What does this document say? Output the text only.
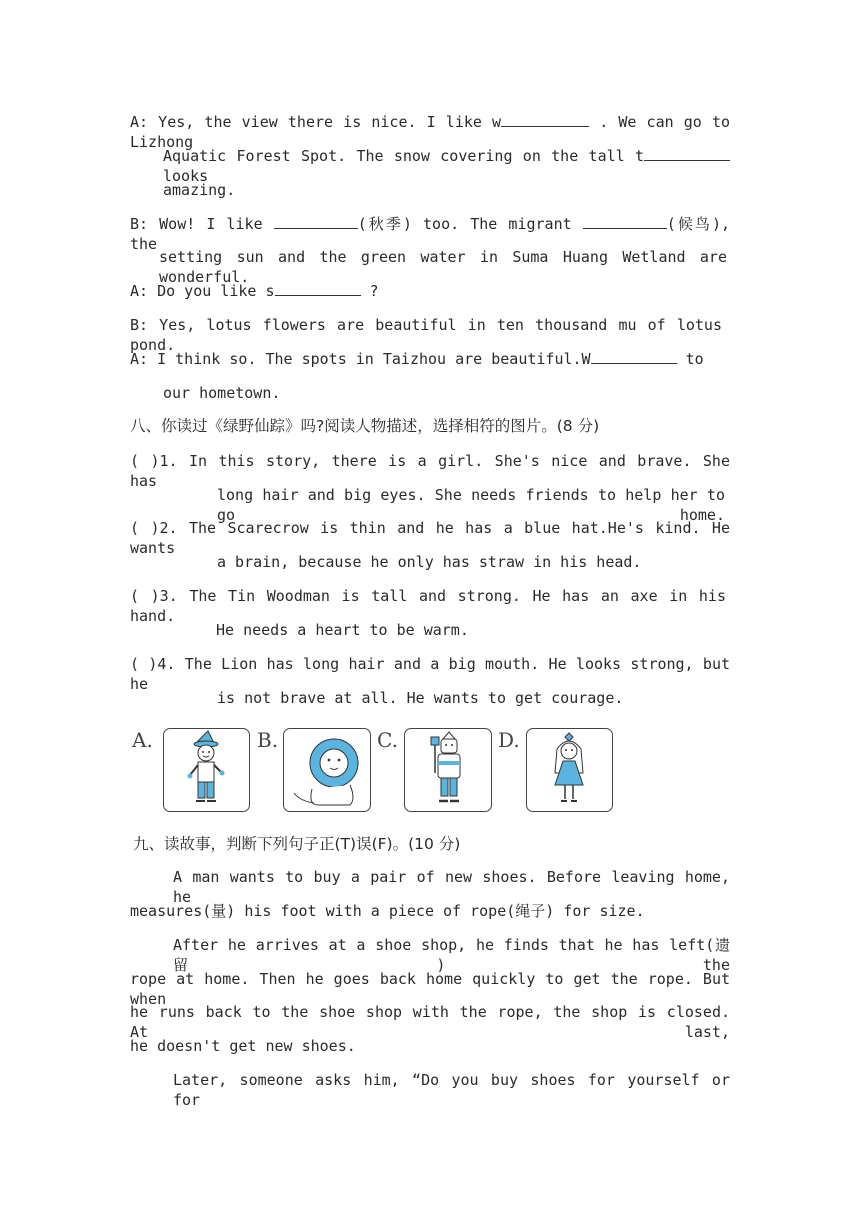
A: Yes, the view there is nice. I like w	. We can go to Lizhong
Aquatic Forest Spot. The snow covering on the tall t looks
amazing.
B: Wow! I like	(秋季) too. The migrant	(候鸟), the
setting sun and the green water in Suma Huang Wetland are wonderful.
A: Do you like s	?
B: Yes, lotus flowers are beautiful in ten thousand mu of lotus pond.
A: I think so. The spots in Taizhou are beautiful.W	to
our hometown.
八、你读过《绿野仙踪》吗?阅读人物描述，选择相符的图片。(8 分)
( )1. In this story, there is a girl. She's nice and brave. She has
long hair and big eyes. She needs friends to help her to go home.
( )2. The Scarecrow is thin and he has a blue hat.He's kind. He wants
a brain, because he only has straw in his head.
( )3. The Tin Woodman is tall and strong. He has an axe in his hand.
He needs a heart to be warm.
( )4. The Lion has long hair and a big mouth. He looks strong, but he
is not brave at all. He wants to get courage.
A.	B.	C.	D.
九、读故事，判断下列句子正(T)误(F)。(10 分)
A man wants to buy a pair of new shoes. Before leaving home, he
measures(量) his foot with a piece of rope(绳子) for size.
After he arrives at a shoe shop, he finds that he has left(遗留) the
rope at home. Then he goes back home quickly to get the rope. But when
he runs back to the shoe shop with the rope, the shop is closed. At last,
he doesn't get new shoes.
Later, someone asks him, “Do you buy shoes for yourself or for
